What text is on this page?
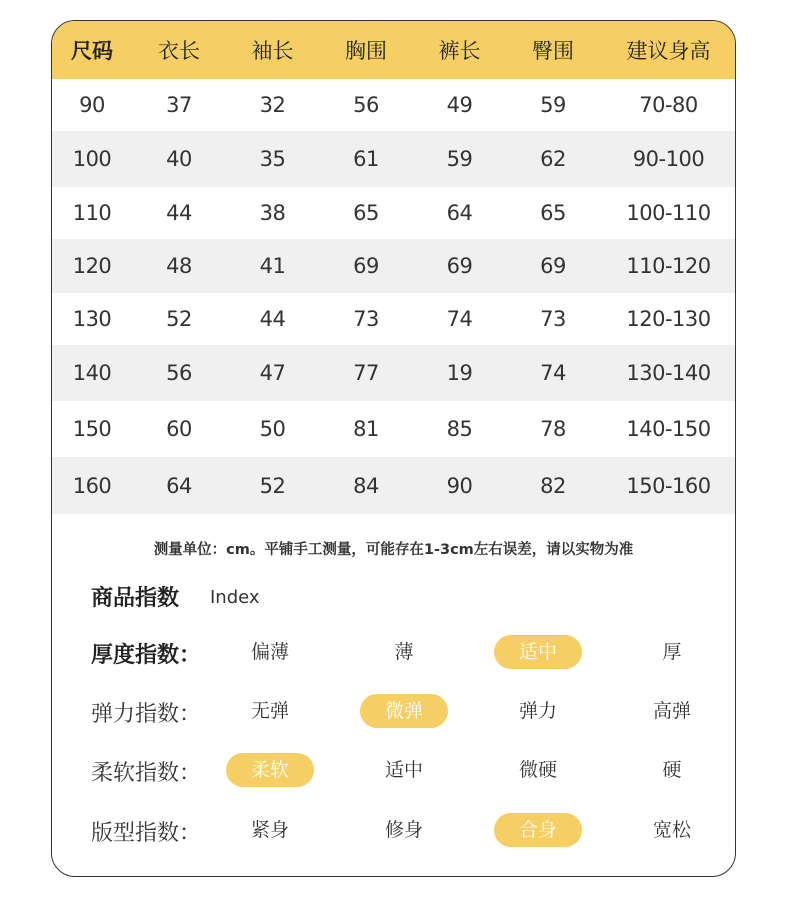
尺码	衣长	袖长	胸围	裤长	臀围	建议身高
90	37	32	56	49	59	70-80
100	40	35	61	59	62	90-100
110	44	38	65	64	65	100-110
120	48	41	69	69	69	110-120
130	52	44	73	74	73	120-130
140	56	47	77	19	74	130-140
150	60	50	81	85	78	140-150
160	64	52	84	90	82	150-160
测量单位：cm。平铺手工测量，可能存在1-3cm左右误差，请以实物为准
商品指数 Index
厚度指数：	偏薄	薄	适中	厚
弹力指数：	无弹	微弹	弹力	高弹
柔软指数：	柔软	适中	微硬	硬
版型指数：	紧身	修身	合身	宽松
